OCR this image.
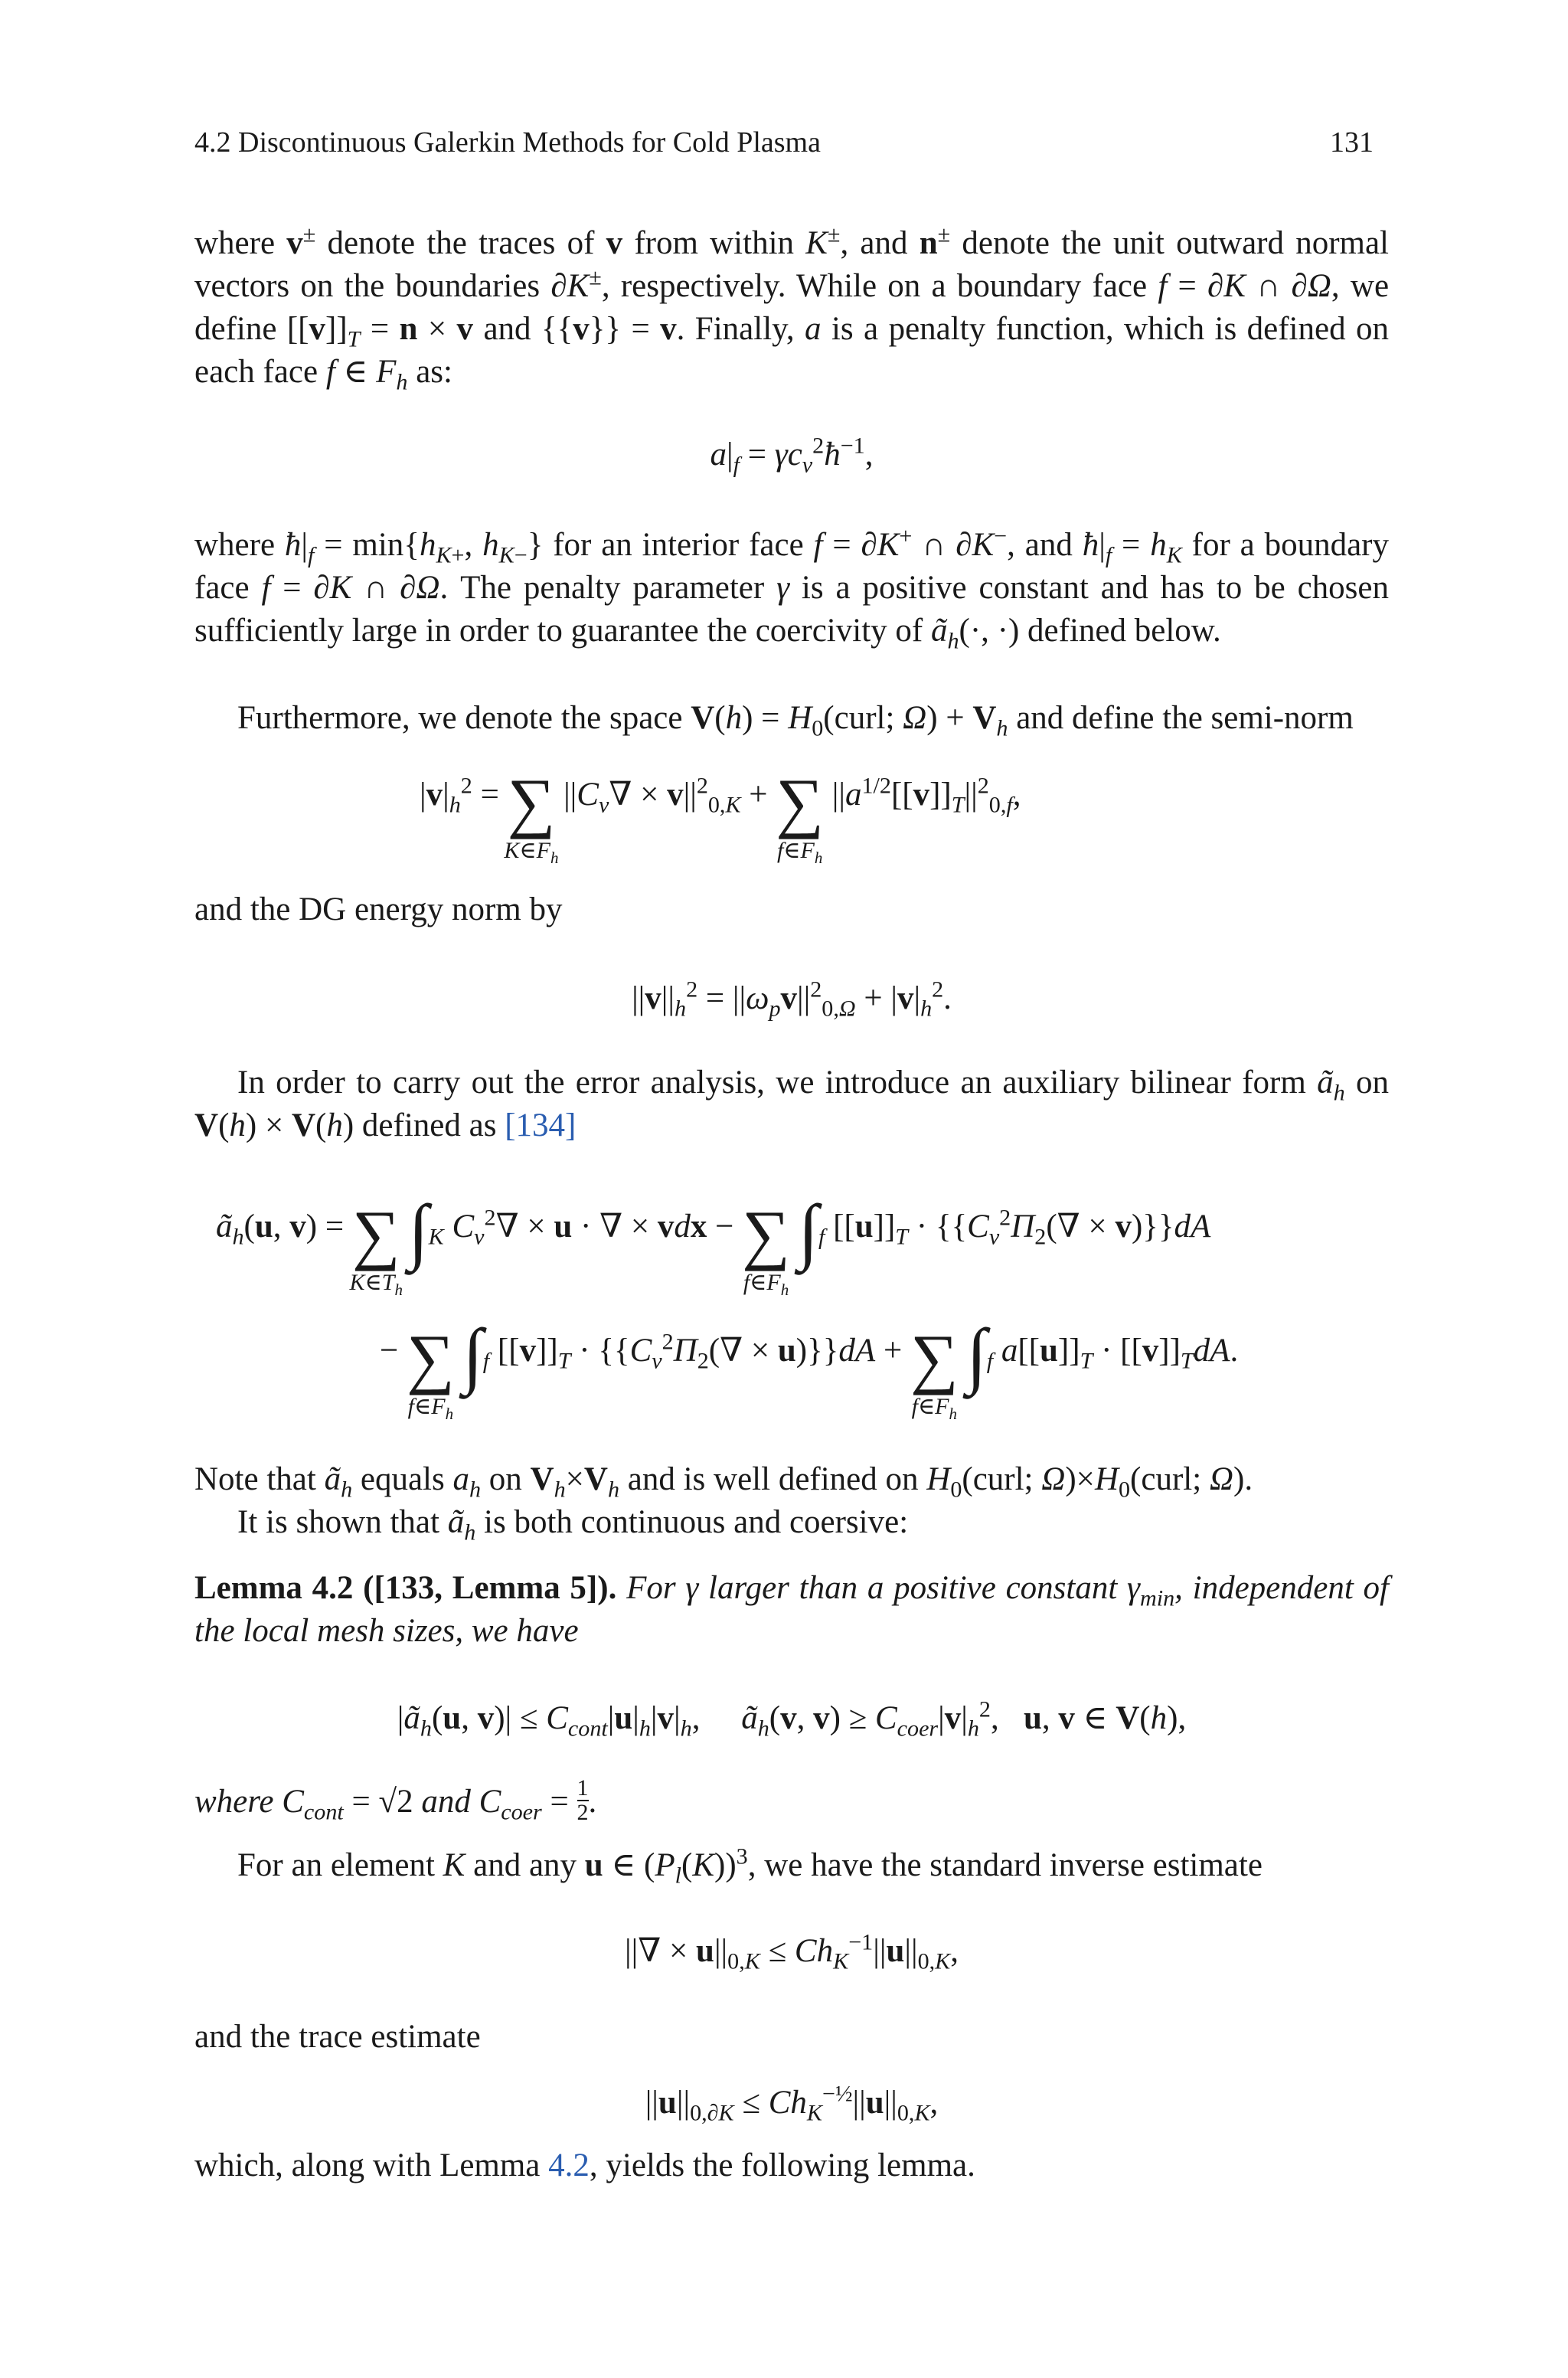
4.2 Discontinuous Galerkin Methods for Cold Plasma	131
where v± denote the traces of v from within K±, and n± denote the unit outward normal vectors on the boundaries ∂K±, respectively. While on a boundary face f = ∂K ∩ ∂Ω, we define $[[v]]_T = n \times v$ and {{v}} = v. Finally, a is a penalty function, which is defined on each face f ∈ $F_h$ as:
$a|_f$ = $\gamma c_v^2ħ^{-1}$,
where $ħ|_f = \min\{h_{K+}$, $h_{K-}$} for an interior face f = ∂K+ ∩ ∂K−, and $ħ|_f = h_K$ for a boundary face f = ∂K ∩ ∂Ω. The penalty parameter γ is a positive constant and has to be chosen sufficiently large in order to guarantee the coercivity of $ã_h(\cdot$, ·) defined below.
Furthermore, we denote the space $V(h) = H_0(curl$; $\Omega) + V_h$ and define the semi-norm
$|v|_h^2$ = ∑
$K\in F_h$
$||C_v\nabla \times v||^2_{0,K}$ + ∑
$f\in F_h$
$||a^{1/2}[[v]]_T||^2_{0,f}$,
and the DG energy norm by
$||v||_h^2 = ||\omega_pv||^2_{0,\Omega} + |v|_h^2$.
In order to carry out the error analysis, we introduce an auxiliary bilinear form $ã_h$ on V(h) × V(h) defined as [134]
$ã_h(u$, v) = ∑
$K\in T_h$
$\int_K$ $C_v^2\nabla \times u$ · ∇ × vdx − ∑
$f\in F_h$
$\int_f$ $[[u]]_T \cdot \{\{C_v^2\Pi_2(\nabla \times v)\}\}dA$
− ∑
$f\in F_h$
$\int_f$ $[[v]]_T \cdot \{\{C_v^2\Pi_2(\nabla \times u)\}\}dA$ + ∑
$f\in F_h$
$\int_f$ $a[[u]]_T \cdot [[v]]_TdA$.
Note that $ã_h$ equals $a_h$ on $V_h\times V_h$ and is well defined on $H_0(curl$; $\Omega)\times H_0(curl$; Ω).
It is shown that $ã_h$ is both continuous and coersive:
Lemma 4.2 ([133, Lemma 5]). For γ larger than a positive constant $\gamma_{min}$, independent of the local mesh sizes, we have
$|ã_h(u$, $v)| \le C_{cont}|u|_h|v|_h$,     $ã_h(v$, $v) \ge C_{coer}|v|_h^2$,   u, v ∈ V(h),
where $C_{cont} = √2$ and $C_{coer} = \frac{1}{2}$ .
For an element K and any u ∈ $(P_l(K))^3$, we have the standard inverse estimate
||∇ × $u||_{0,K} \le Ch_K^{-1}||u||_{0,K}$,
and the trace estimate
$||u||_{0,\partial K} \le Ch_K^{-\frac{1}{2}}||u||_{0,K}$,
which, along with Lemma 4.2, yields the following lemma.
